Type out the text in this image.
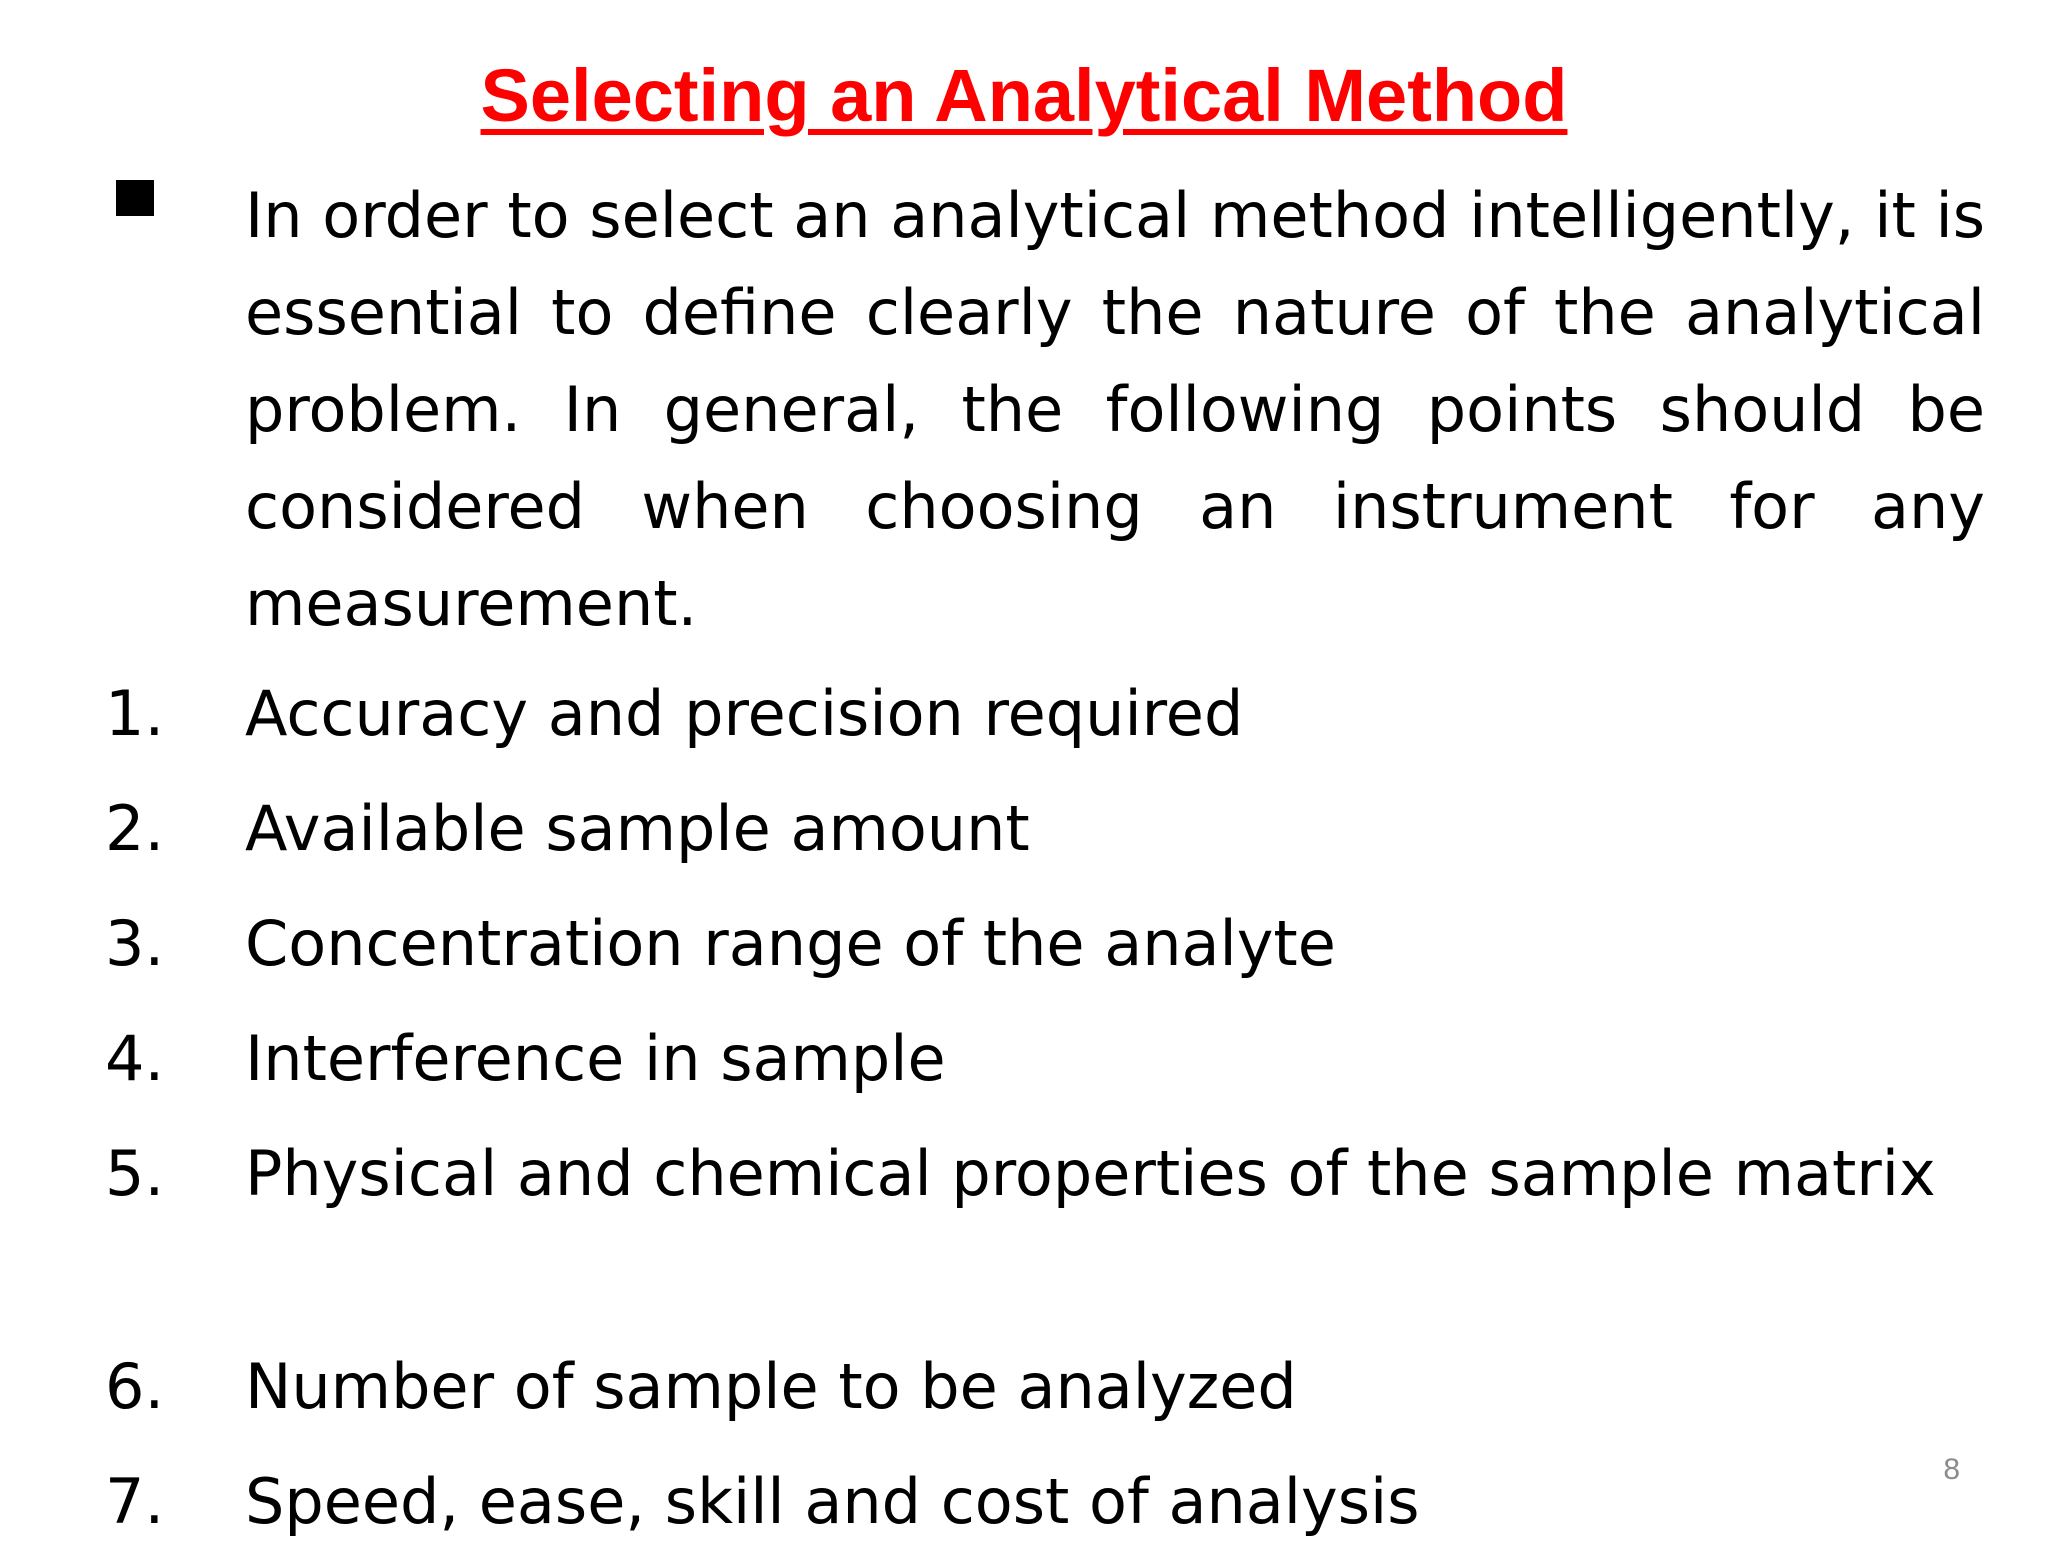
Selecting an Analytical Method
In order to select an analytical method intelligently, it is essential to define clearly the nature of the analytical problem. In general, the following points should be considered when choosing an instrument for any measurement.
1. Accuracy and precision required
2. Available sample amount
3. Concentration range of the analyte
4. Interference in sample
5. Physical and chemical properties of the sample matrix
6. Number of sample to be analyzed
7. Speed, ease, skill and cost of analysis	8
